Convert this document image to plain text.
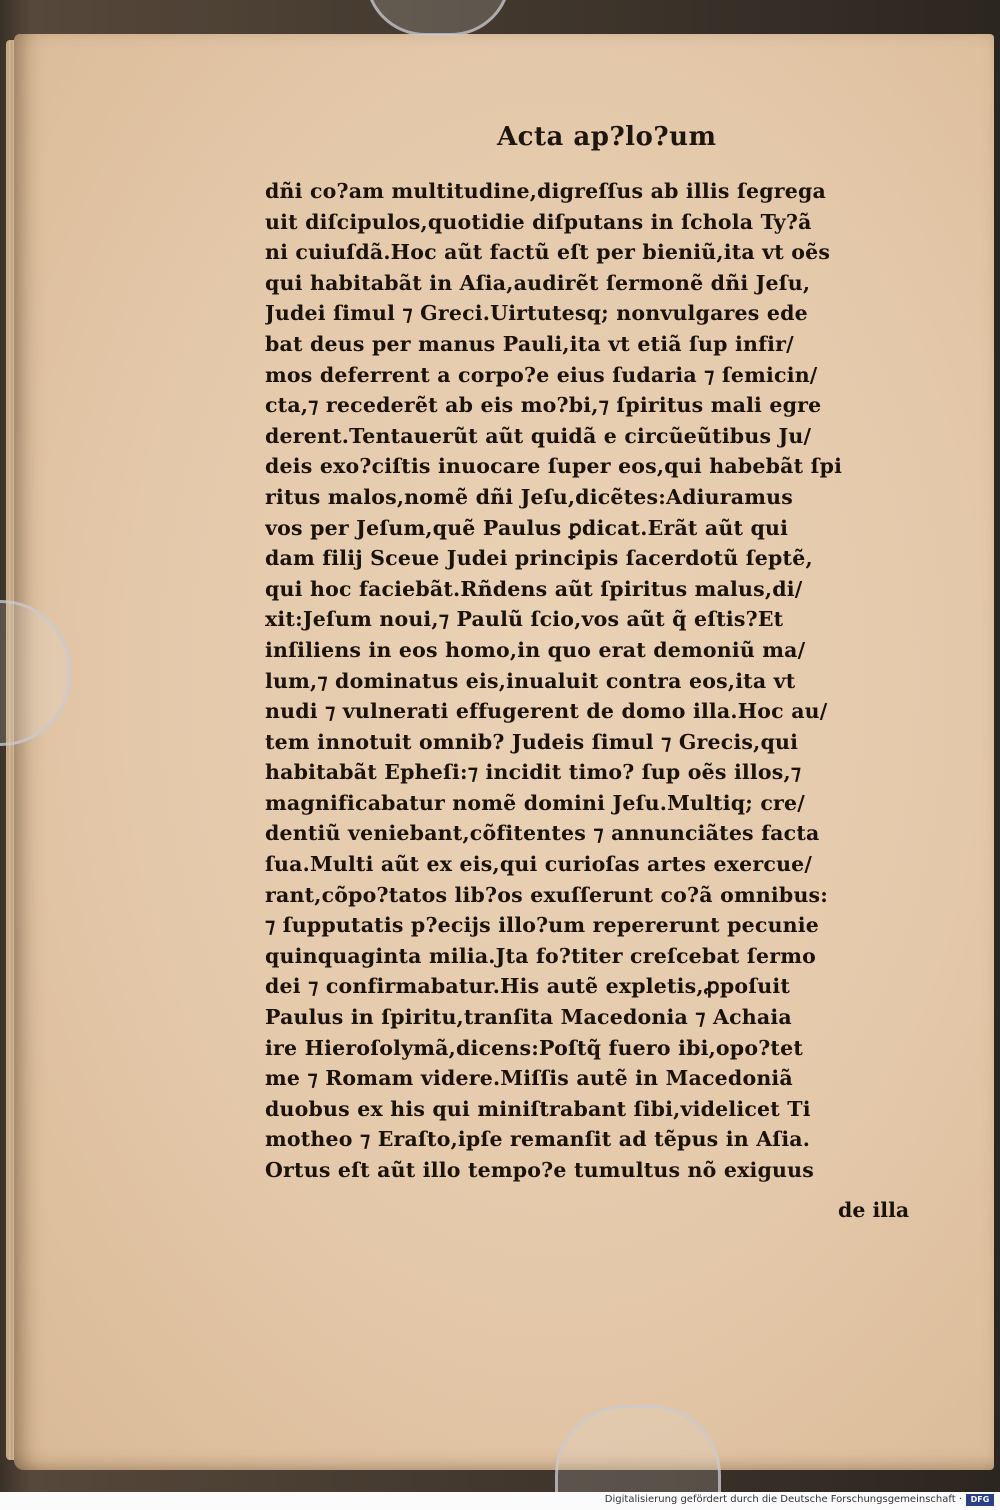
Acta ap?lo?um
dñi co?am multitudine,digreſſus ab illis ſegrega
uit diſcipulos,quotidie diſputans in ſchola Ty?ã
ni cuiuſdã.Hoc aũt factũ eſt per bieniũ,ita vt oẽs
qui habitabãt in Aſia,audirẽt ſermonẽ dñi Jeſu,
Judei ſimul ⁊ Greci.Uirtutesq; nonvulgares ede
bat deus per manus Pauli,ita vt etiã ſup infir/
mos deferrent a corpo?e eius ſudaria ⁊ ſemicin/
cta,⁊ recederẽt ab eis mo?bi,⁊ ſpiritus mali egre
derent.Tentauerũt aũt quidã e circũeũtibus Ju/
deis exo?ciſtis inuocare ſuper eos,qui habebãt ſpi
ritus malos,nomẽ dñi Jeſu,dicẽtes:Adiuramus
vos per Jeſum,quẽ Paulus ꝑdicat.Erãt aũt qui
dam filij Sceue Judei principis ſacerdotũ ſeptẽ,
qui hoc faciebãt.Rñdens aũt ſpiritus malus,di/
xit:Jeſum noui,⁊ Paulũ ſcio,vos aũt q̃ eſtis?Et
inſiliens in eos homo,in quo erat demoniũ ma/
lum,⁊ dominatus eis,inualuit contra eos,ita vt
nudi ⁊ vulnerati effugerent de domo illa.Hoc au/
tem innotuit omnib? Judeis ſimul ⁊ Grecis,qui
habitabãt Epheſi:⁊ incidit timo? ſup oẽs illos,⁊
magnificabatur nomẽ domini Jeſu.Multiq; cre/
dentiũ veniebant,cõfitentes ⁊ annunciãtes facta
ſua.Multi aũt ex eis,qui curioſas artes exercue/
rant,cõpo?tatos lib?os exuſſerunt co?ã omnibus:
⁊ ſupputatis p?ecijs illo?um repererunt pecunie
quinquaginta milia.Jta fo?titer creſcebat ſermo
dei ⁊ confirmabatur.His autẽ expletis,ꝓpoſuit
Paulus in ſpiritu,tranſita Macedonia ⁊ Achaia
ire Hieroſolymã,dicens:Poſtq̃ fuero ibi,opo?tet
me ⁊ Romam videre.Miſſis autẽ in Macedoniã
duobus ex his qui miniſtrabant ſibi,videlicet Ti
motheo ⁊ Eraſto,ipſe remanſit ad tẽpus in Aſia.
Ortus eſt aũt illo tempo?e tumultus nõ exiguus
de illa
Digitalisierung gefördert durch die Deutsche Forschungsgemeinschaft ·	DFG
